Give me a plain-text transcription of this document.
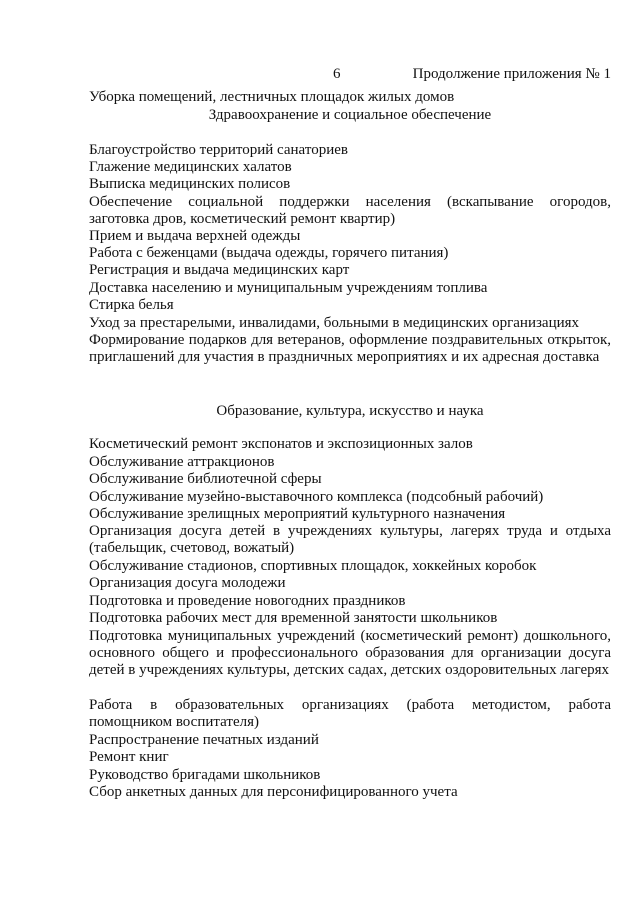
6	Продолжение приложения № 1

Уборка помещений, лестничных площадок жилых домов

Здравоохранение и социальное обеспечение

Благоустройство территорий санаториев

Глажение медицинских халатов

Выписка медицинских полисов

Обеспечение социальной поддержки населения (вскапывание огородов, заготовка дров, косметический ремонт квартир)

Прием и выдача верхней одежды

Работа с беженцами (выдача одежды, горячего питания)

Регистрация и выдача медицинских карт

Доставка населению и муниципальным учреждениям топлива

Стирка белья

Уход за престарелыми, инвалидами, больными в медицинских организациях

Формирование подарков для ветеранов, оформление поздравительных открыток, приглашений для участия в праздничных мероприятиях и их адресная доставка

Образование, культура, искусство и наука

Косметический ремонт экспонатов и экспозиционных залов

Обслуживание аттракционов

Обслуживание библиотечной сферы

Обслуживание музейно-выставочного комплекса (подсобный рабочий)

Обслуживание зрелищных мероприятий культурного назначения

Организация досуга детей в учреждениях культуры, лагерях труда и отдыха (табельщик, счетовод, вожатый)

Обслуживание стадионов, спортивных площадок, хоккейных коробок

Организация досуга молодежи

Подготовка и проведение новогодних праздников

Подготовка рабочих мест для временной занятости школьников

Подготовка муниципальных учреждений (косметический ремонт) дошкольного, основного общего и профессионального образования для организации досуга детей в учреждениях культуры, детских садах, детских оздоровительных лагерях

Работа в образовательных организациях (работа методистом, работа помощником воспитателя)

Распространение печатных изданий

Ремонт книг

Руководство бригадами школьников

Сбор анкетных данных для персонифицированного учета
